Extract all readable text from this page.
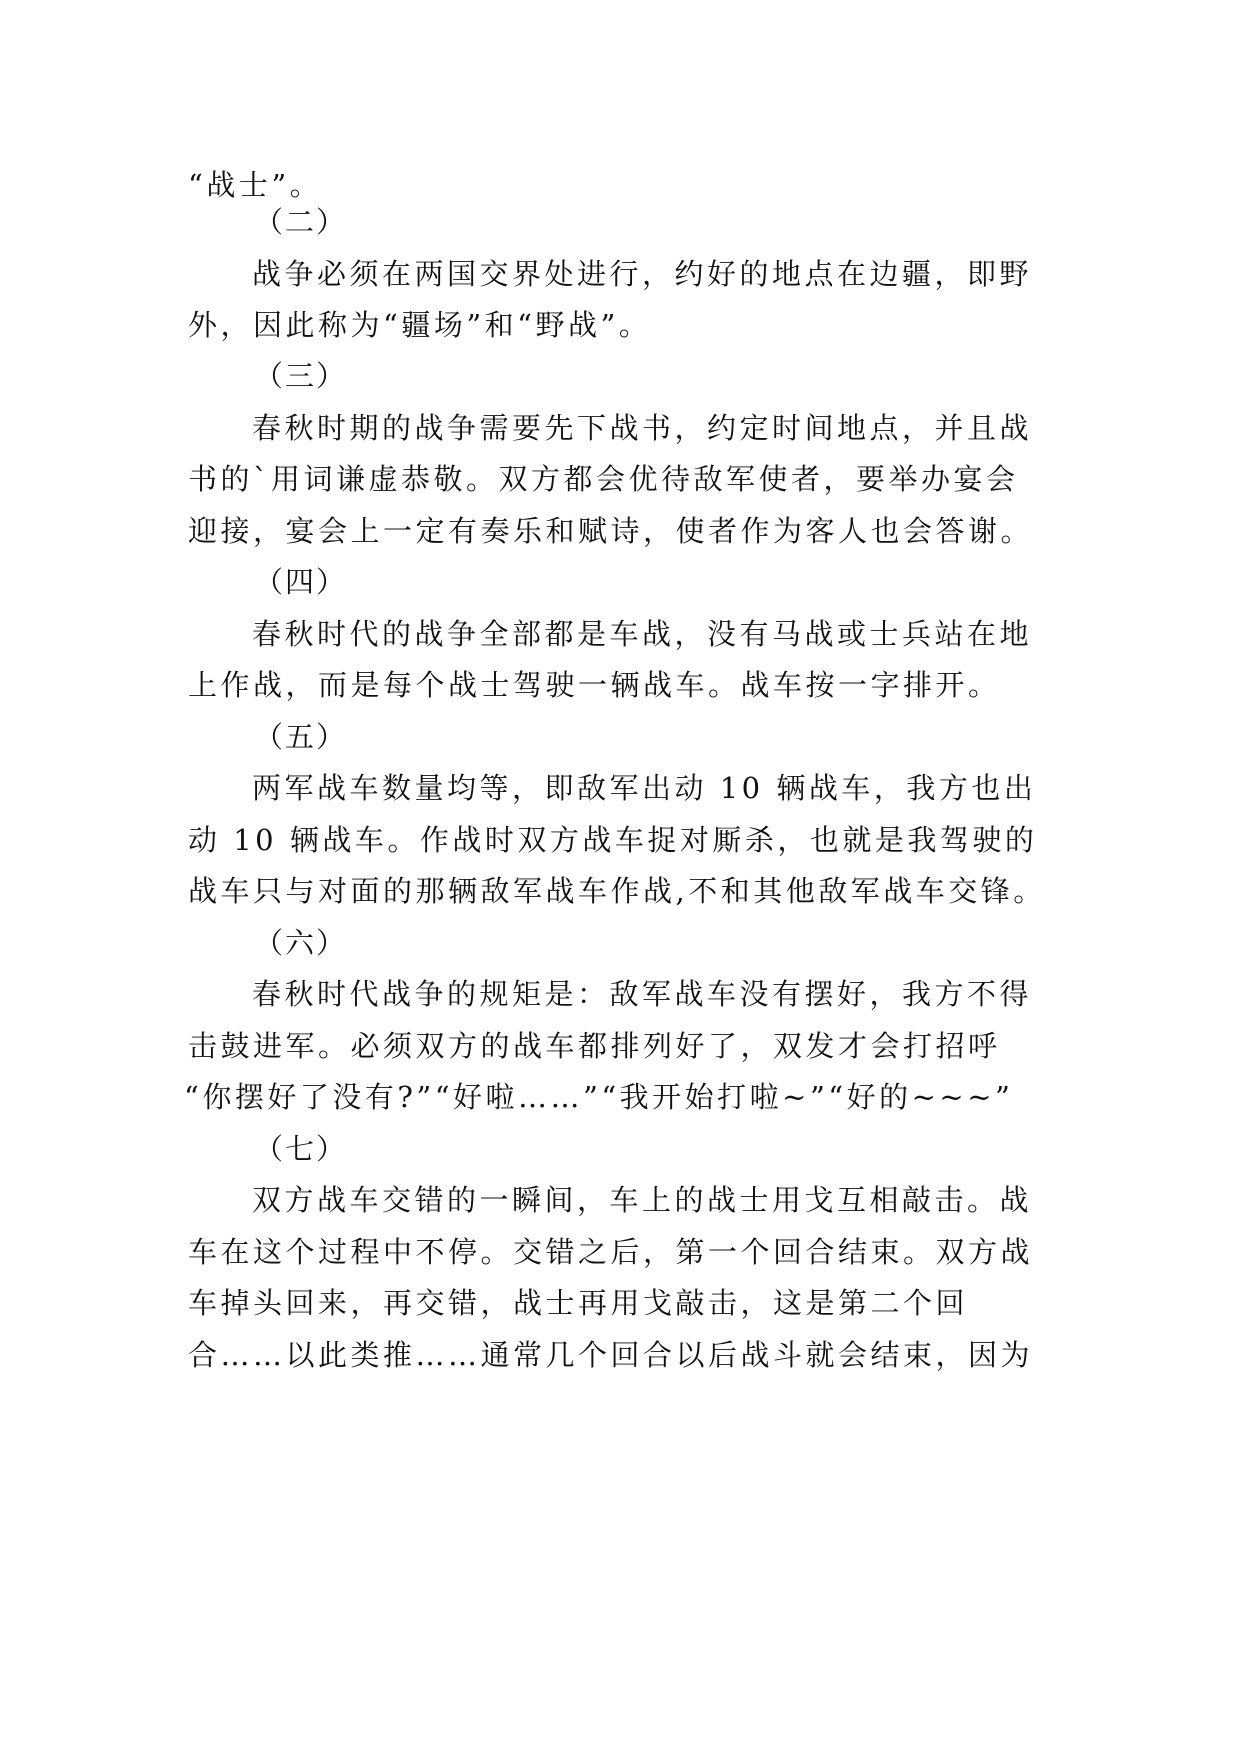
“战士”。
（二）
战争必须在两国交界处进行，约好的地点在边疆，即野
外，因此称为“疆场”和“野战”。
（三）
春秋时期的战争需要先下战书，约定时间地点，并且战
书的`用词谦虚恭敬。双方都会优待敌军使者，要举办宴会
迎接，宴会上一定有奏乐和赋诗，使者作为客人也会答谢。
（四）
春秋时代的战争全部都是车战，没有马战或士兵站在地
上作战，而是每个战士驾驶一辆战车。战车按一字排开。
（五）
两军战车数量均等，即敌军出动 10 辆战车，我方也出
动 10 辆战车。作战时双方战车捉对厮杀，也就是我驾驶的
战车只与对面的那辆敌军战车作战,不和其他敌军战车交锋。
（六）
春秋时代战争的规矩是：敌军战车没有摆好，我方不得
击鼓进军。必须双方的战车都排列好了，双发才会打招呼
“你摆好了没有?”“好啦……”“我开始打啦~”“好的~~~”
（七）
双方战车交错的一瞬间，车上的战士用戈互相敲击。战
车在这个过程中不停。交错之后，第一个回合结束。双方战
车掉头回来，再交错，战士再用戈敲击，这是第二个回
合……以此类推……通常几个回合以后战斗就会结束，因为
